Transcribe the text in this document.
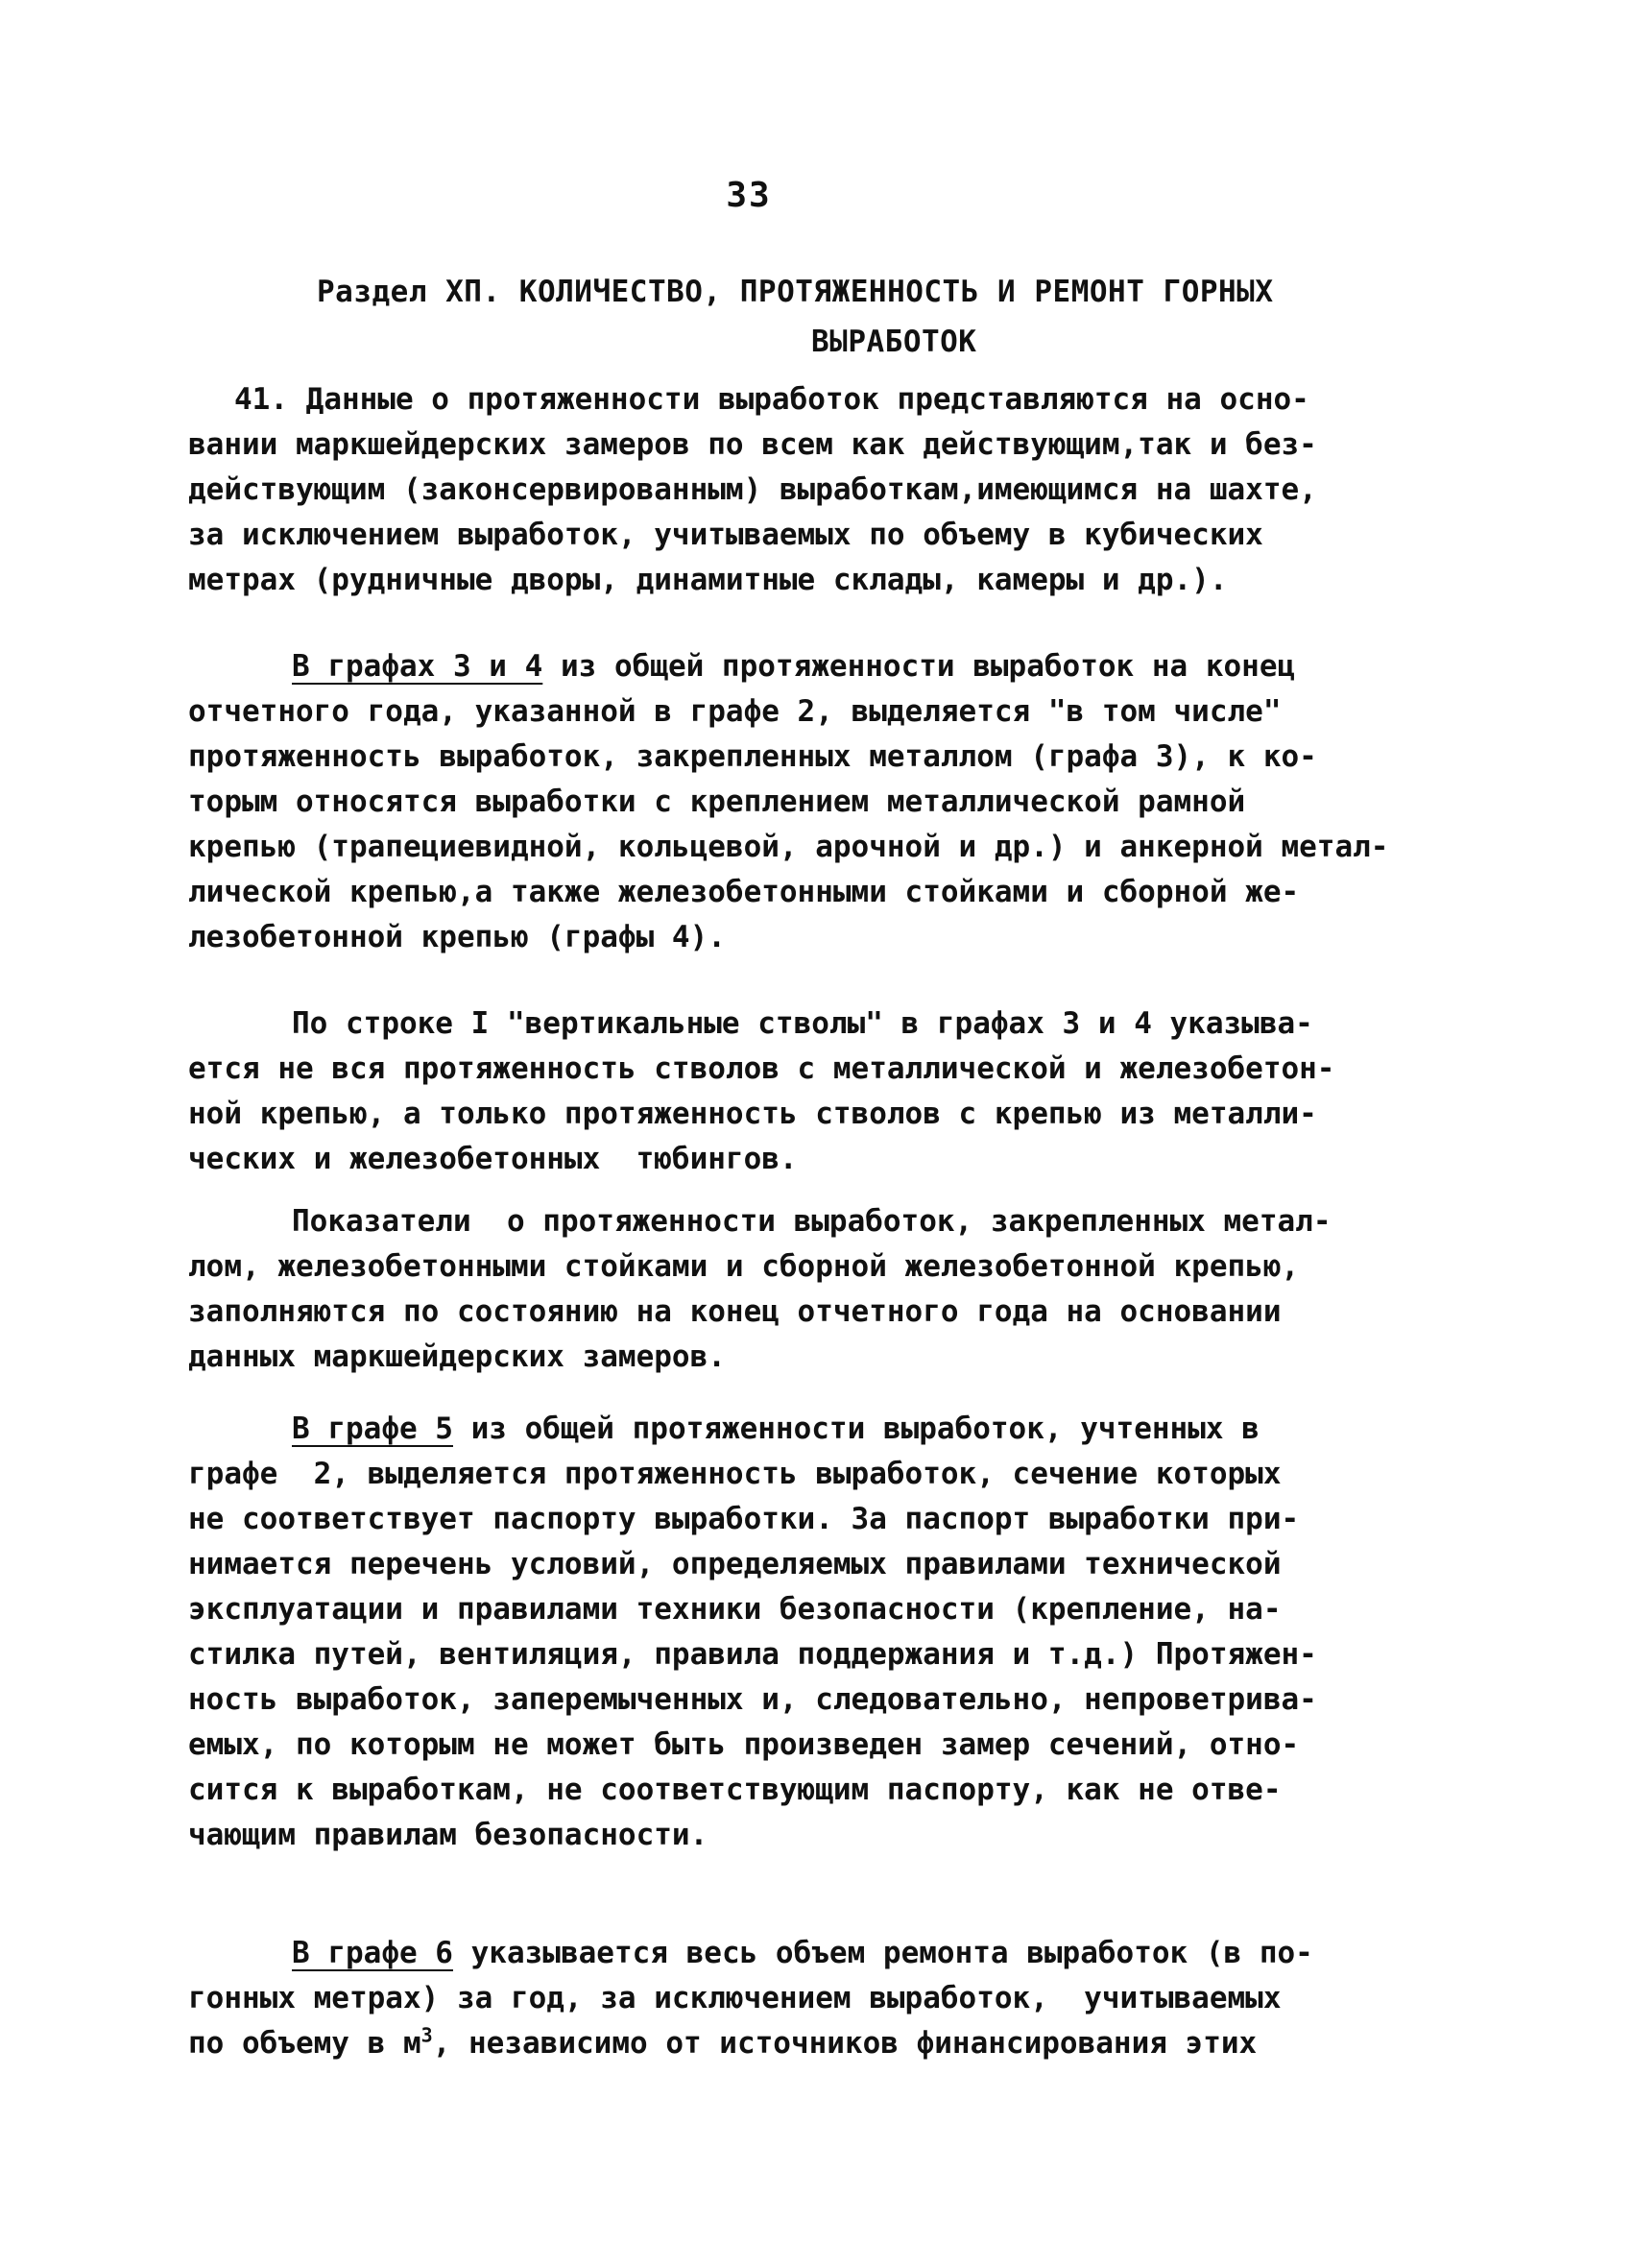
33
Раздел ХП. КОЛИЧЕСТВО, ПРОТЯЖЕННОСТЬ И РЕМОНТ ГОРНЫХ
ВЫРАБОТОК
41. Данные о протяженности выработок представляются на осно-
вании маркшейдерских замеров по всем как действующим,так и без-
действующим (законсервированным) выработкам,имеющимся на шахте,
за исключением выработок, учитываемых по объему в кубических
метрах (рудничные дворы, динамитные склады, камеры и др.).
В графах 3 и 4 из общей протяженности выработок на конец
отчетного года, указанной в графе 2, выделяется "в том числе"
протяженность выработок, закрепленных металлом (графа 3), к ко-
торым относятся выработки с креплением металлической рамной
крепью (трапециевидной, кольцевой, арочной и др.) и анкерной метал-
лической крепью,а также железобетонными стойками и сборной же-
лезобетонной крепью (графы 4).
По строке I "вертикальные стволы" в графах 3 и 4 указыва-
ется не вся протяженность стволов с металлической и железобетон-
ной крепью, а только протяженность стволов с крепью из металли-
ческих и железобетонных  тюбингов.
Показатели  о протяженности выработок, закрепленных метал-
лом, железобетонными стойками и сборной железобетонной крепью,
заполняются по состоянию на конец отчетного года на основании
данных маркшейдерских замеров.
В графе 5 из общей протяженности выработок, учтенных в
графе  2, выделяется протяженность выработок, сечение которых
не соответствует паспорту выработки. За паспорт выработки при-
нимается перечень условий, определяемых правилами технической
эксплуатации и правилами техники безопасности (крепление, на-
стилка путей, вентиляция, правила поддержания и т.д.) Протяжен-
ность выработок, заперемыченных и, следовательно, непроветрива-
емых, по которым не может быть произведен замер сечений, отно-
сится к выработкам, не соответствующим паспорту, как не отве-
чающим правилам безопасности.
В графе 6 указывается весь объем ремонта выработок (в по-
гонных метрах) за год, за исключением выработок,  учитываемых
по объему в $м^3$, независимо от источников финансирования этих
